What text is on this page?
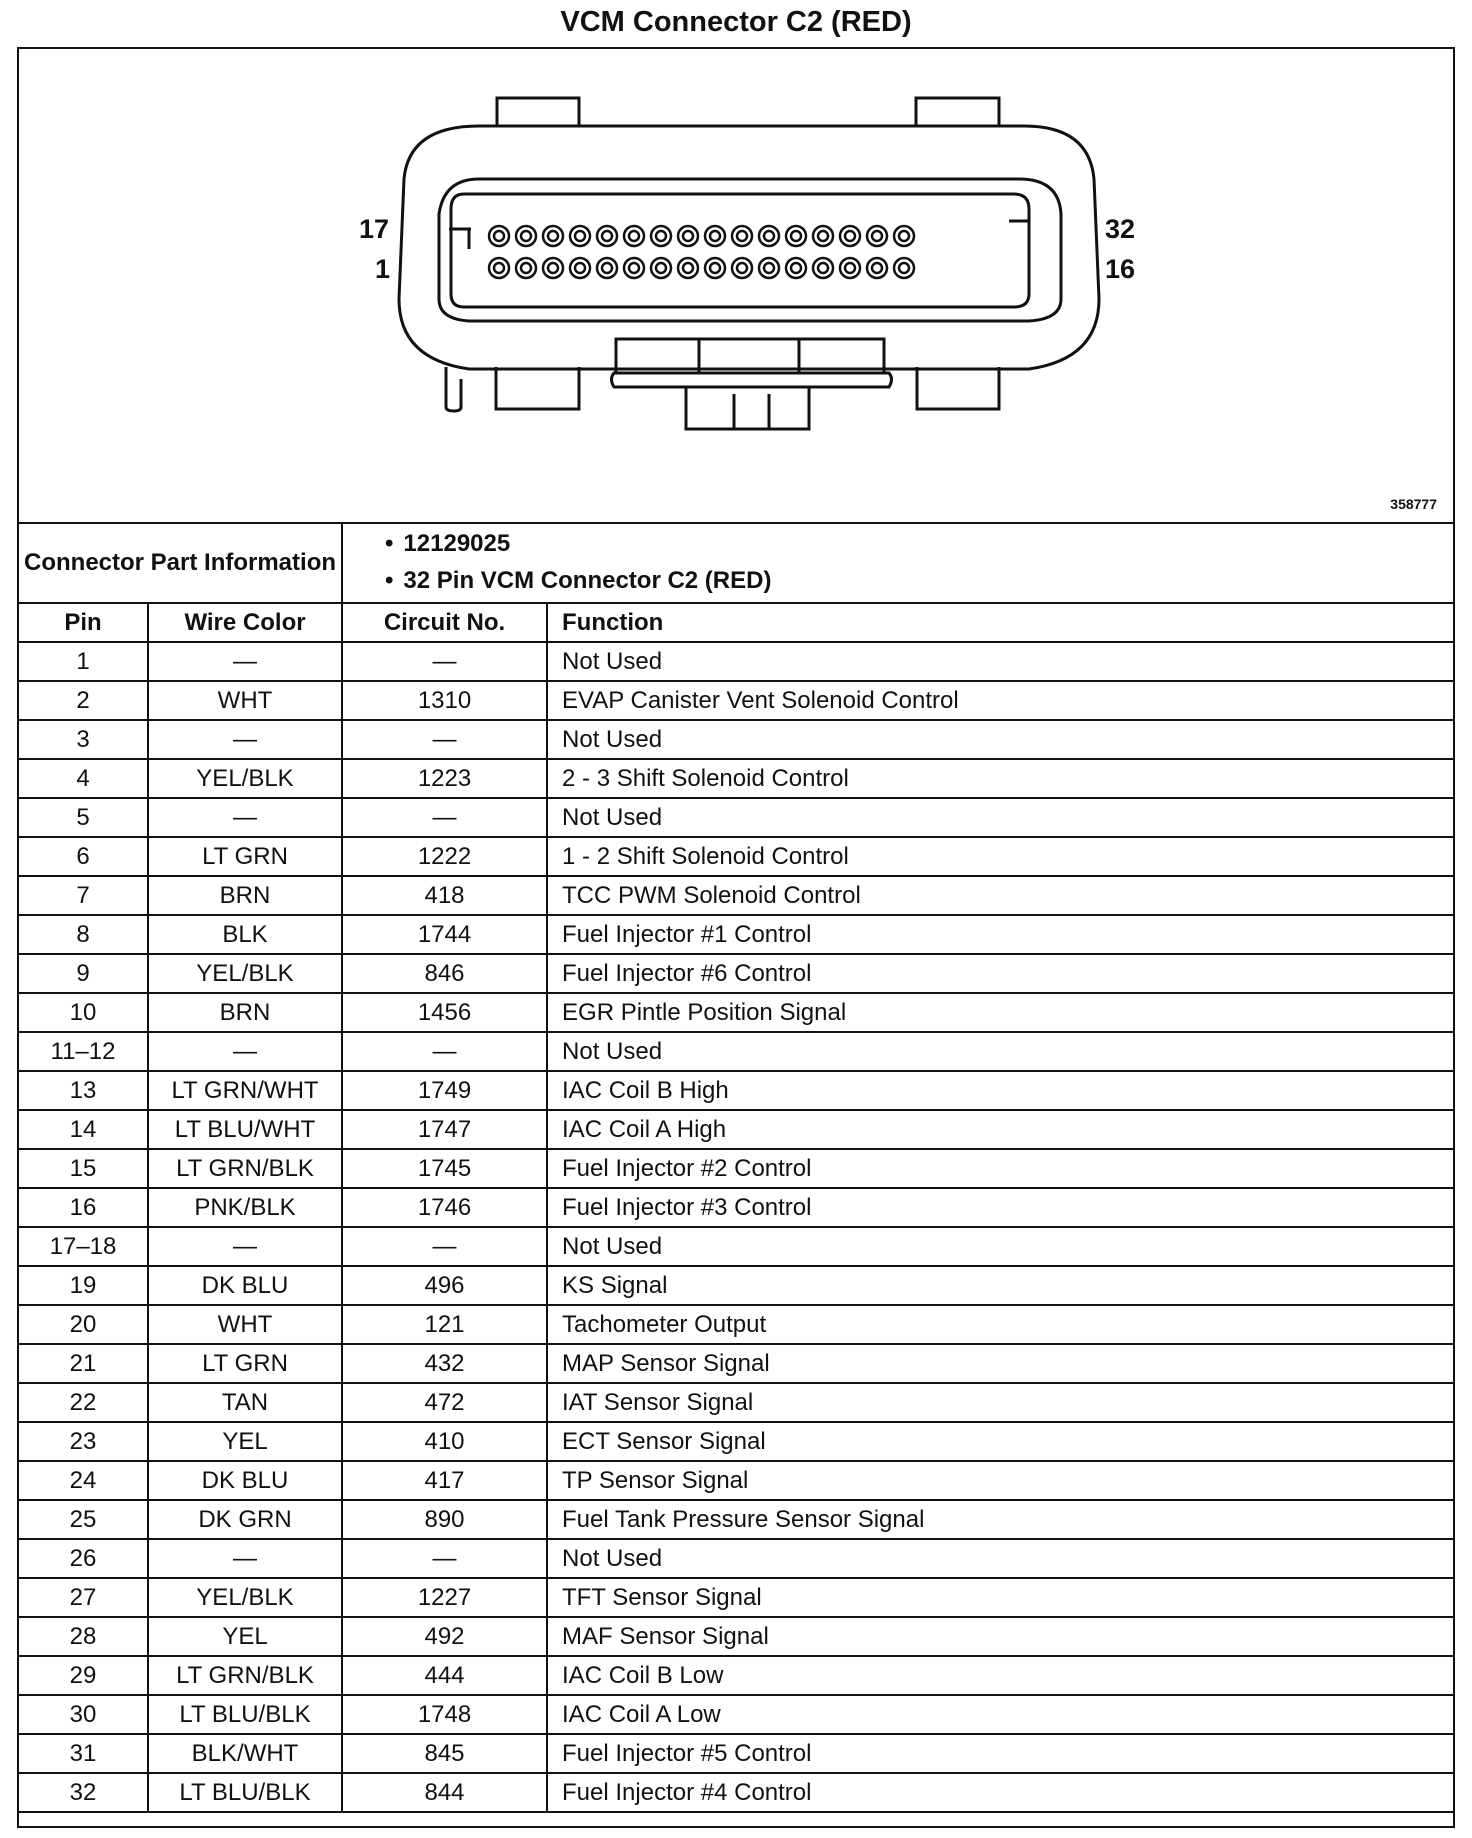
VCM Connector C2 (RED)
17
1
32
16
358777
Connector Part Information		• 12129025
• 32 Pin VCM Connector C2 (RED)

Pin	Wire Color	Circuit No.	Function
1	—	—	Not Used
2	WHT	1310	EVAP Canister Vent Solenoid Control
3	—	—	Not Used
4	YEL/BLK	1223	2 - 3 Shift Solenoid Control
5	—	—	Not Used
6	LT GRN	1222	1 - 2 Shift Solenoid Control
7	BRN	418	TCC PWM Solenoid Control
8	BLK	1744	Fuel Injector #1 Control
9	YEL/BLK	846	Fuel Injector #6 Control
10	BRN	1456	EGR Pintle Position Signal
11–12	—	—	Not Used
13	LT GRN/WHT	1749	IAC Coil B High
14	LT BLU/WHT	1747	IAC Coil A High
15	LT GRN/BLK	1745	Fuel Injector #2 Control
16	PNK/BLK	1746	Fuel Injector #3 Control
17–18	—	—	Not Used
19	DK BLU	496	KS Signal
20	WHT	121	Tachometer Output
21	LT GRN	432	MAP Sensor Signal
22	TAN	472	IAT Sensor Signal
23	YEL	410	ECT Sensor Signal
24	DK BLU	417	TP Sensor Signal
25	DK GRN	890	Fuel Tank Pressure Sensor Signal
26	—	—	Not Used
27	YEL/BLK	1227	TFT Sensor Signal
28	YEL	492	MAF Sensor Signal
29	LT GRN/BLK	444	IAC Coil B Low
30	LT BLU/BLK	1748	IAC Coil A Low
31	BLK/WHT	845	Fuel Injector #5 Control
32	LT BLU/BLK	844	Fuel Injector #4 Control
